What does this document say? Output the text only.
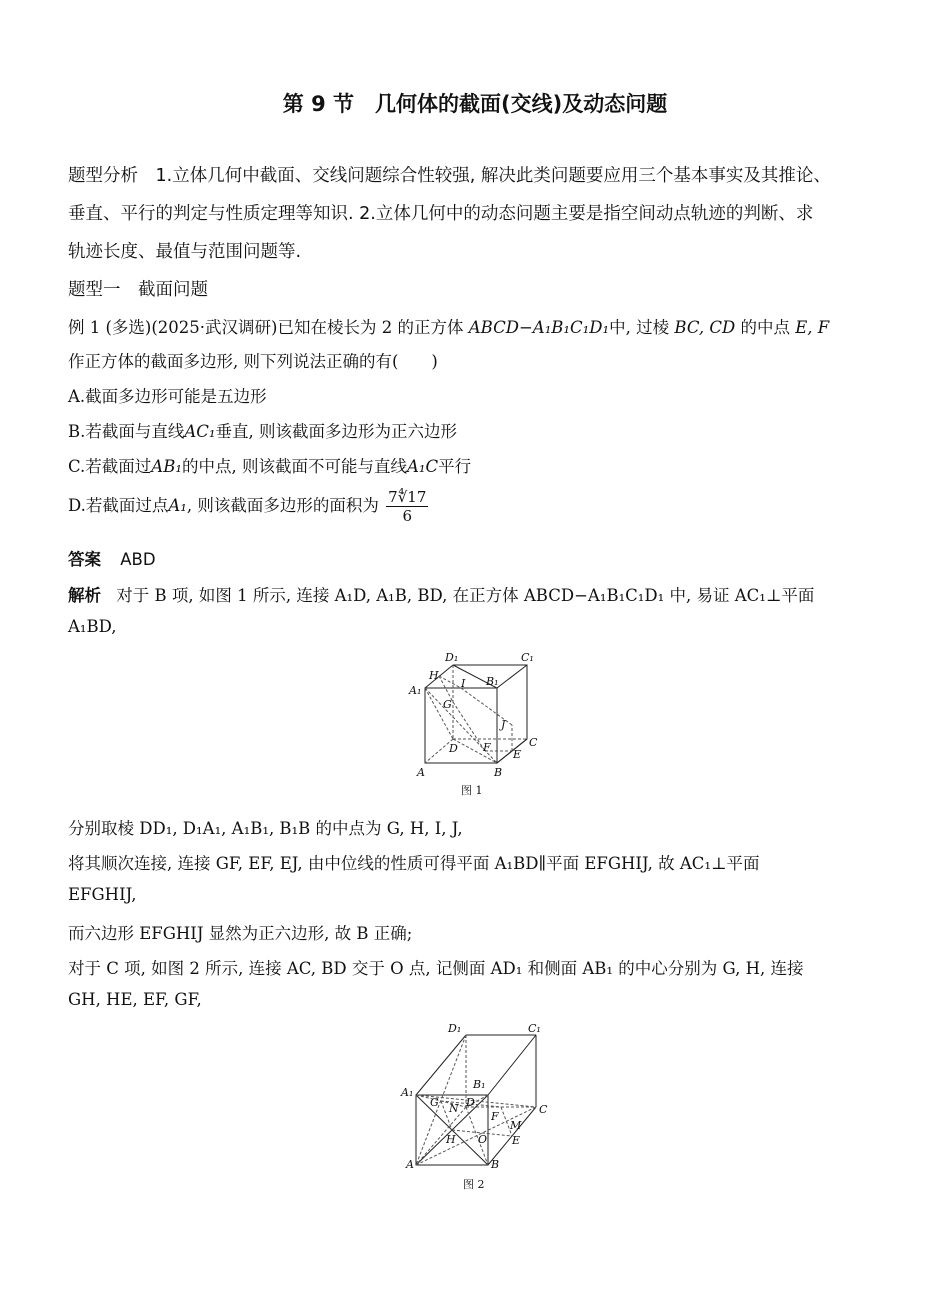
第 9 节　几何体的截面(交线)及动态问题
题型分析　1.立体几何中截面、交线问题综合性较强, 解决此类问题要应用三个基本事实及其推论、
垂直、平行的判定与性质定理等知识. 2.立体几何中的动态问题主要是指空间动点轨迹的判断、求
轨迹长度、最值与范围问题等.
题型一　截面问题
例 1 (多选)(2025·武汉调研)已知在棱长为 2 的正方体 ABCD−A₁B₁C₁D₁中, 过棱 BC, CD 的中点 E, F
作正方体的截面多边形, 则下列说法正确的有(　　)
A.截面多边形可能是五边形
B.若截面与直线AC₁垂直, 则该截面多边形为正六边形
C.若截面过AB₁的中点, 则该截面不可能与直线A₁C平行
D.若截面过点A₁, 则该截面多边形的面积为 $\frac{7∜17}{6}$
答案 ABD
解析 对于 B 项, 如图 1 所示, 连接 A₁D, A₁B, BD, 在正方体 ABCD−A₁B₁C₁D₁ 中, 易证 AC₁⊥平面
A₁BD,
D₁	C₁
A₁
B₁
H
I
G
J
D F	C
E
A	B
图 1
分别取棱 DD₁, D₁A₁, A₁B₁, B₁B 的中点为 G, H, I, J,
将其顺次连接, 连接 GF, EF, EJ, 由中位线的性质可得平面 A₁BD∥平面 EFGHIJ, 故 AC₁⊥平面
EFGHIJ,
而六边形 EFGHIJ 显然为正六边形, 故 B 正确;
对于 C 项, 如图 2 所示, 连接 AC, BD 交于 O 点, 记侧面 AD₁ 和侧面 AB₁ 的中心分别为 G, H, 连接
GH, HE, EF, GF,
D₁	C₁
A₁
B₁
G N D
C
F
M
H O E
A	B
图 2
